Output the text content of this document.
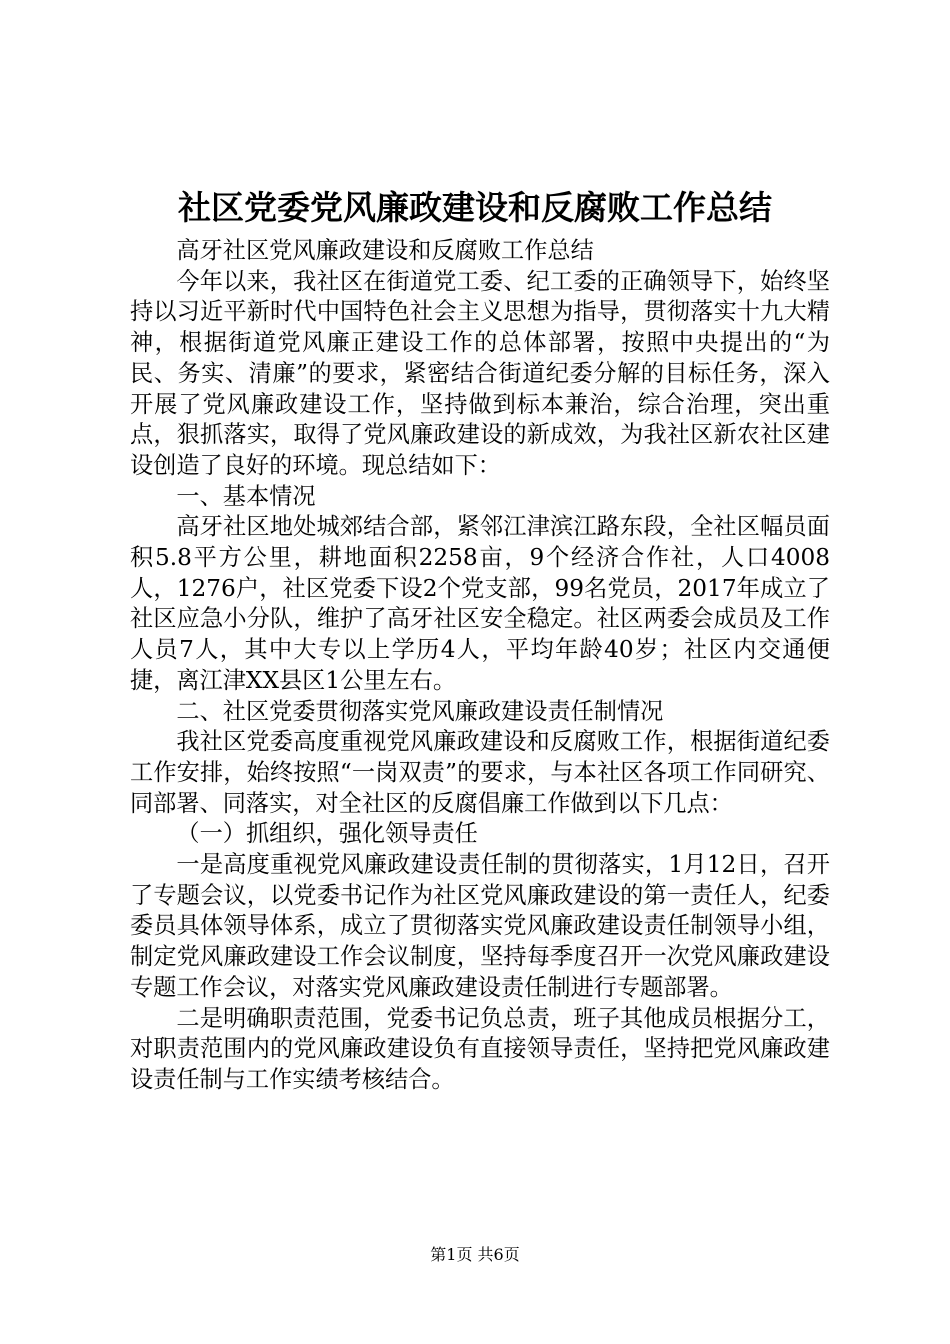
社区党委党风廉政建设和反腐败工作总结

高牙社区党风廉政建设和反腐败工作总结

今年以来，我社区在街道党工委、纪工委的正确领导下，始终坚持以习近平新时代中国特色社会主义思想为指导，贯彻落实十九大精神，根据街道党风廉正建设工作的总体部署，按照中央提出的“为民、务实、清廉”的要求，紧密结合街道纪委分解的目标任务，深入开展了党风廉政建设工作，坚持做到标本兼治，综合治理，突出重点，狠抓落实，取得了党风廉政建设的新成效，为我社区新农社区建设创造了良好的环境。现总结如下：

一、基本情况

高牙社区地处城郊结合部，紧邻江津滨江路东段，全社区幅员面积5.8平方公里，耕地面积2258亩，9个经济合作社，人口4008人，1276户，社区党委下设2个党支部，99名党员，2017年成立了社区应急小分队，维护了高牙社区安全稳定。社区两委会成员及工作人员7人，其中大专以上学历4人，平均年龄40岁；社区内交通便捷，离江津XX县区1公里左右。

二、社区党委贯彻落实党风廉政建设责任制情况

我社区党委高度重视党风廉政建设和反腐败工作，根据街道纪委工作安排，始终按照“一岗双责”的要求，与本社区各项工作同研究、同部署、同落实，对全社区的反腐倡廉工作做到以下几点：

（一）抓组织，强化领导责任

一是高度重视党风廉政建设责任制的贯彻落实，1月12日，召开了专题会议，以党委书记作为社区党风廉政建设的第一责任人，纪委委员具体领导体系，成立了贯彻落实党风廉政建设责任制领导小组，制定党风廉政建设工作会议制度，坚持每季度召开一次党风廉政建设专题工作会议，对落实党风廉政建设责任制进行专题部署。

二是明确职责范围，党委书记负总责，班子其他成员根据分工，对职责范围内的党风廉政建设负有直接领导责任，坚持把党风廉政建设责任制与工作实绩考核结合。

第1页 共6页
